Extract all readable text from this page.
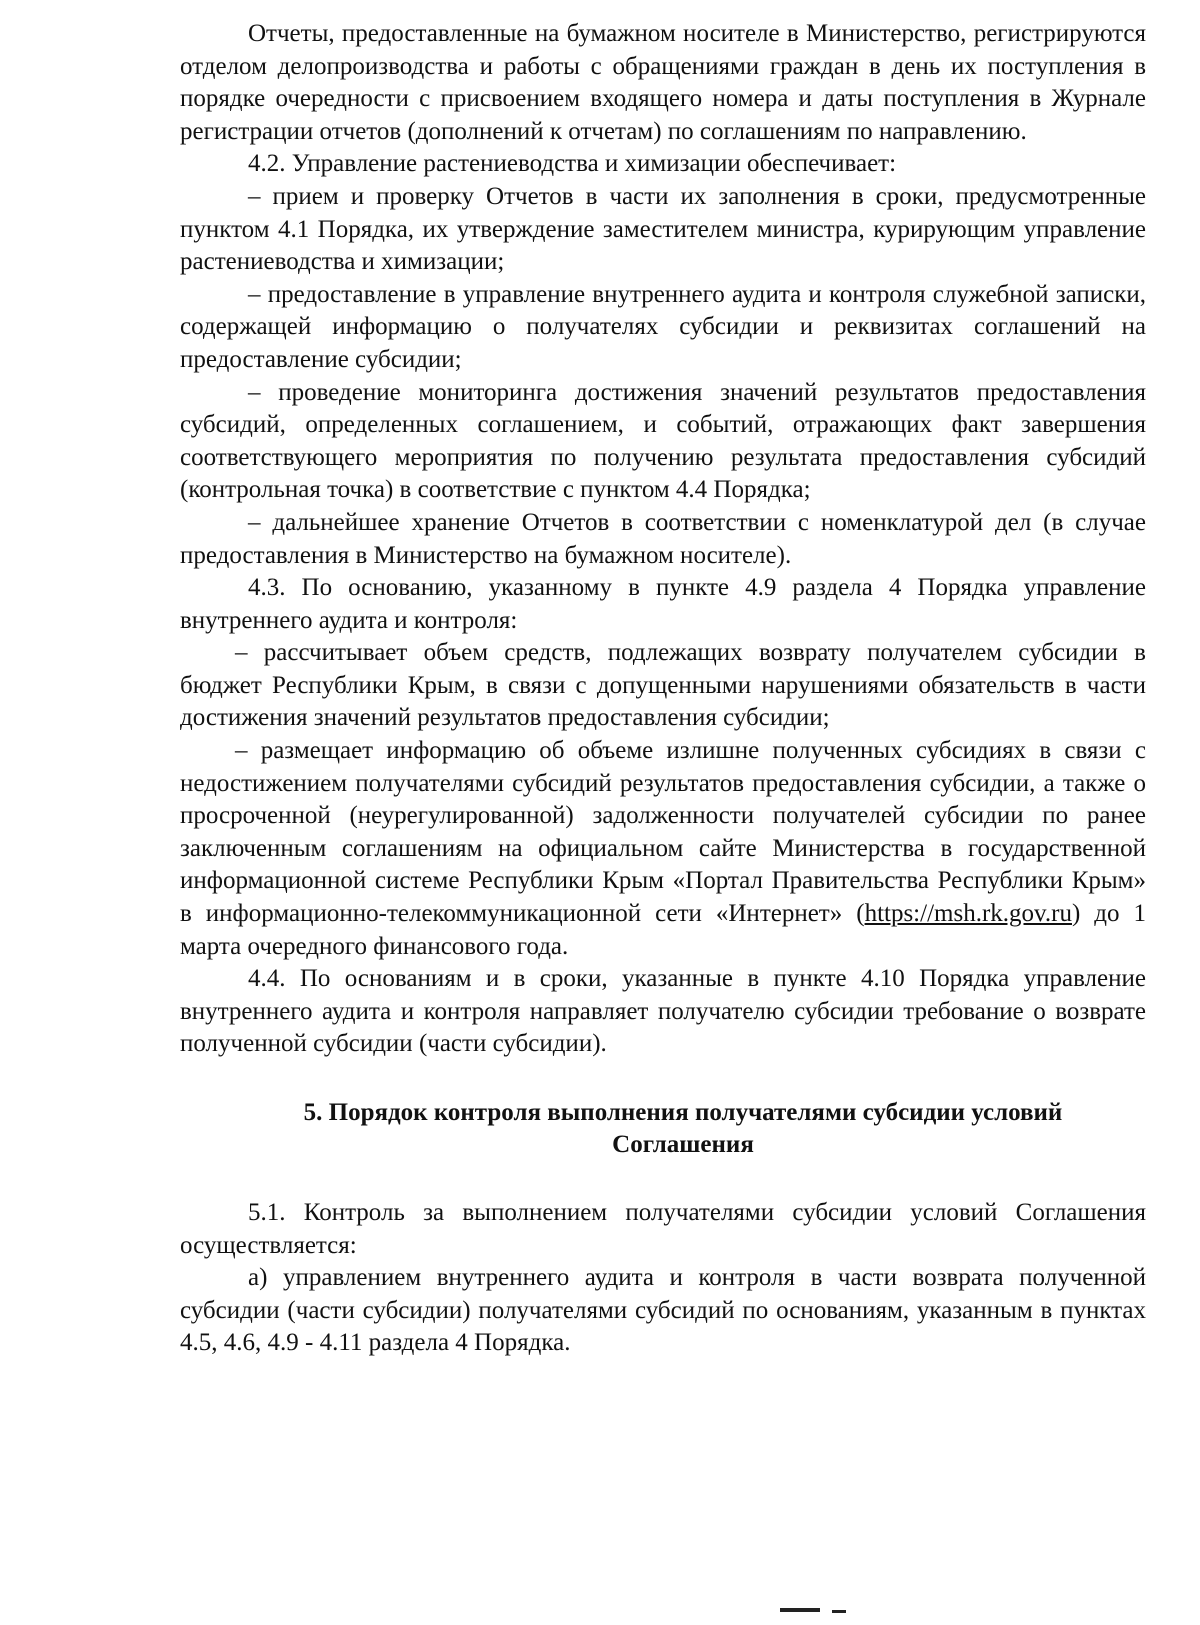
Отчеты, предоставленные на бумажном носителе в Министерство, регистрируются отделом делопроизводства и работы с обращениями граждан в день их поступления в порядке очередности с присвоением входящего номера и даты поступления в Журнале регистрации отчетов (дополнений к отчетам) по соглашениям по направлению.

4.2. Управление растениеводства и химизации обеспечивает:

– прием и проверку Отчетов в части их заполнения в сроки, предусмотренные пунктом 4.1 Порядка, их утверждение заместителем министра, курирующим управление растениеводства и химизации;

– предоставление в управление внутреннего аудита и контроля служебной записки, содержащей информацию о получателях субсидии и реквизитах соглашений на предоставление субсидии;

– проведение мониторинга достижения значений результатов предоставления субсидий, определенных соглашением, и событий, отражающих факт завершения соответствующего мероприятия по получению результата предоставления субсидий (контрольная точка) в соответствие с пунктом 4.4 Порядка;

– дальнейшее хранение Отчетов в соответствии с номенклатурой дел (в случае предоставления в Министерство на бумажном носителе).

4.3. По основанию, указанному в пункте 4.9 раздела 4 Порядка управление внутреннего аудита и контроля:

– рассчитывает объем средств, подлежащих возврату получателем субсидии в бюджет Республики Крым, в связи с допущенными нарушениями обязательств в части достижения значений результатов предоставления субсидии;

– размещает информацию об объеме излишне полученных субсидиях в связи с недостижением получателями субсидий результатов предоставления субсидии, а также о просроченной (неурегулированной) задолженности получателей субсидии по ранее заключенным соглашениям на официальном сайте Министерства в государственной информационной системе Республики Крым «Портал Правительства Республики Крым» в информационно-телекоммуникационной сети «Интернет» (https://msh.rk.gov.ru) до 1 марта очередного финансового года.

4.4. По основаниям и в сроки, указанные в пункте 4.10 Порядка управление внутреннего аудита и контроля направляет получателю субсидии требование о возврате полученной субсидии (части субсидии).

5. Порядок контроля выполнения получателями субсидии условий
Соглашения

5.1. Контроль за выполнением получателями субсидии условий Соглашения осуществляется:

а) управлением внутреннего аудита и контроля в части возврата полученной субсидии (части субсидии) получателями субсидий по основаниям, указанным в пунктах 4.5, 4.6, 4.9 - 4.11 раздела 4 Порядка.
